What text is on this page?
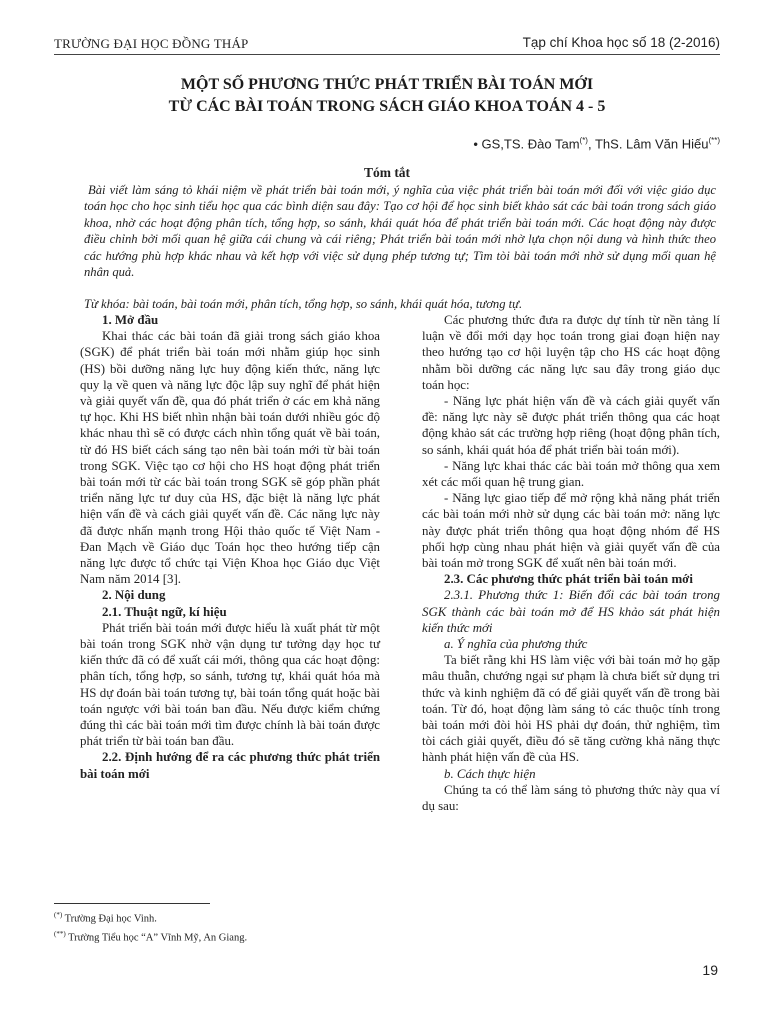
TRƯỜNG ĐẠI HỌC ĐỒNG THÁP	Tạp chí Khoa học số 18 (2-2016)
MỘT SỐ PHƯƠNG THỨC PHÁT TRIỂN BÀI TOÁN MỚI
TỪ CÁC BÀI TOÁN TRONG SÁCH GIÁO KHOA TOÁN 4 - 5
• GS,TS. Đào Tam(*), ThS. Lâm Văn Hiếu(**)
Tóm tắt
Bài viết làm sáng tỏ khái niệm về phát triển bài toán mới, ý nghĩa của việc phát triển bài toán mới đối với việc giáo dục toán học cho học sinh tiểu học qua các bình diện sau đây: Tạo cơ hội để học sinh biết khảo sát các bài toán trong sách giáo khoa, nhờ các hoạt động phân tích, tổng hợp, so sánh, khái quát hóa để phát triển bài toán mới. Các hoạt động này được điều chỉnh bởi mối quan hệ giữa cái chung và cái riêng; Phát triển bài toán mới nhờ lựa chọn nội dung và hình thức theo các hướng phù hợp khác nhau và kết hợp với việc sử dụng phép tương tự; Tìm tòi bài toán mới nhờ sử dụng mối quan hệ nhân quả.
Từ khóa: bài toán, bài toán mới, phân tích, tổng hợp, so sánh, khái quát hóa, tương tự.

1. Mở đầu

Khai thác các bài toán đã giải trong sách giáo khoa (SGK) để phát triển bài toán mới nhằm giúp học sinh (HS) bồi dưỡng năng lực huy động kiến thức, năng lực quy lạ về quen và năng lực độc lập suy nghĩ để phát hiện và giải quyết vấn đề, qua đó phát triển ở các em khả năng tự học. Khi HS biết nhìn nhận bài toán dưới nhiều góc độ khác nhau thì sẽ có được cách nhìn tổng quát về bài toán, từ đó HS biết cách sáng tạo nên bài toán mới từ bài toán trong SGK. Việc tạo cơ hội cho HS hoạt động phát triển bài toán mới từ các bài toán trong SGK sẽ góp phần phát triển năng lực tư duy của HS, đặc biệt là năng lực phát hiện vấn đề và cách giải quyết vấn đề. Các năng lực này đã được nhấn mạnh trong Hội thảo quốc tế Việt Nam - Đan Mạch về Giáo dục Toán học theo hướng tiếp cận năng lực được tổ chức tại Viện Khoa học Giáo dục Việt Nam năm 2014 [3].

2. Nội dung

2.1. Thuật ngữ, kí hiệu

Phát triển bài toán mới được hiểu là xuất phát từ một bài toán trong SGK nhờ vận dụng tư tưởng dạy học tư kiến thức đã có để xuất cái mới, thông qua các hoạt động: phân tích, tổng hợp, so sánh, tương tự, khái quát hóa mà HS dự đoán bài toán tương tự, bài toán tổng quát hoặc bài toán ngược với bài toán ban đầu. Nếu được kiểm chứng đúng thì các bài toán mới tìm được chính là bài toán được phát triển từ bài toán ban đầu.

2.2. Định hướng để ra các phương thức phát triển bài toán mới

Các phương thức đưa ra được dự tính từ nền tảng lí luận về đổi mới dạy học toán trong giai đoạn hiện nay theo hướng tạo cơ hội luyện tập cho HS các hoạt động nhằm bồi dưỡng các năng lực sau đây trong giáo dục toán học:

- Năng lực phát hiện vấn đề và cách giải quyết vấn đề: năng lực này sẽ được phát triển thông qua các hoạt động khảo sát các trường hợp riêng (hoạt động phân tích, so sánh, khái quát hóa để phát triển bài toán mới).

- Năng lực khai thác các bài toán mở thông qua xem xét các mối quan hệ trung gian.

- Năng lực giao tiếp để mở rộng khả năng phát triển các bài toán mới nhờ sử dụng các bài toán mở: năng lực này được phát triển thông qua hoạt động nhóm để HS phối hợp cùng nhau phát hiện và giải quyết vấn đề của bài toán mở trong SGK để xuất nên bài toán mới.

2.3. Các phương thức phát triển bài toán mới

2.3.1. Phương thức 1: Biến đổi các bài toán trong SGK thành các bài toán mở để HS khảo sát phát hiện kiến thức mới

a. Ý nghĩa của phương thức

Ta biết rằng khi HS làm việc với bài toán mở họ gặp mâu thuẫn, chướng ngại sư phạm là chưa biết sử dụng tri thức và kinh nghiệm đã có để giải quyết vấn đề trong bài toán. Từ đó, hoạt động làm sáng tỏ các thuộc tính trong bài toán mới đòi hỏi HS phải dự đoán, thử nghiệm, tìm tòi cách giải quyết, điều đó sẽ tăng cường khả năng thực hành phát hiện vấn đề của HS.

b. Cách thực hiện

Chúng ta có thể làm sáng tỏ phương thức này qua ví dụ sau:

(*) Trường Đại học Vinh.
(**) Trường Tiểu học “A” Vĩnh Mỹ, An Giang.
19
